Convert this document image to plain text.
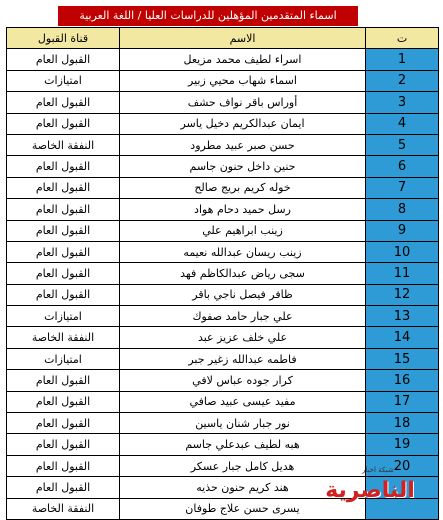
اسماء المتقدمين المؤهلين للدراسات العليا / اللغة العربية
قناة القبول	الاسم	ت
القبول العام	اسراء لطيف محمد مزيعل	1
امتيازات	اسماء شهاب محيي زبير	2
القبول العام	أوراس باقر نواف حشف	3
القبول العام	ايمان عبدالكريم دخيل ياسر	4
النفقة الخاصة	حسن صبر عبيد مطرود	5
القبول العام	حنين داخل حنون جاسم	6
القبول العام	خوله كريم بريج صالح	7
القبول العام	رسل حميد دحام هواد	8
القبول العام	زينب ابراهيم علي	9
القبول العام	زينب ريسان عبدالله نعيمه	10
القبول العام	سجى رياض عبدالكاظم فهد	11
القبول العام	ظافر فيصل ناجي باقر	12
امتيازات	علي جبار حامد صفوك	13
النفقة الخاصة	علي خلف عزيز عبد	14
امتيازات	فاطمه عبدالله زغير جبر	15
القبول العام	كرار جوده عباس لافي	16
القبول العام	مفيد عيسى عبيد صافي	17
القبول العام	نور جبار شنان ياسين	18
القبول العام	هبه لطيف عبدعلي جاسم	19
القبول العام	هديل كامل جبار عسكر	20
القبول العام	هند كريم حنون حذيه	
النفقة الخاصة	يسرى حسن علاج طوفان	
شبكة اخبار
الناصرية
